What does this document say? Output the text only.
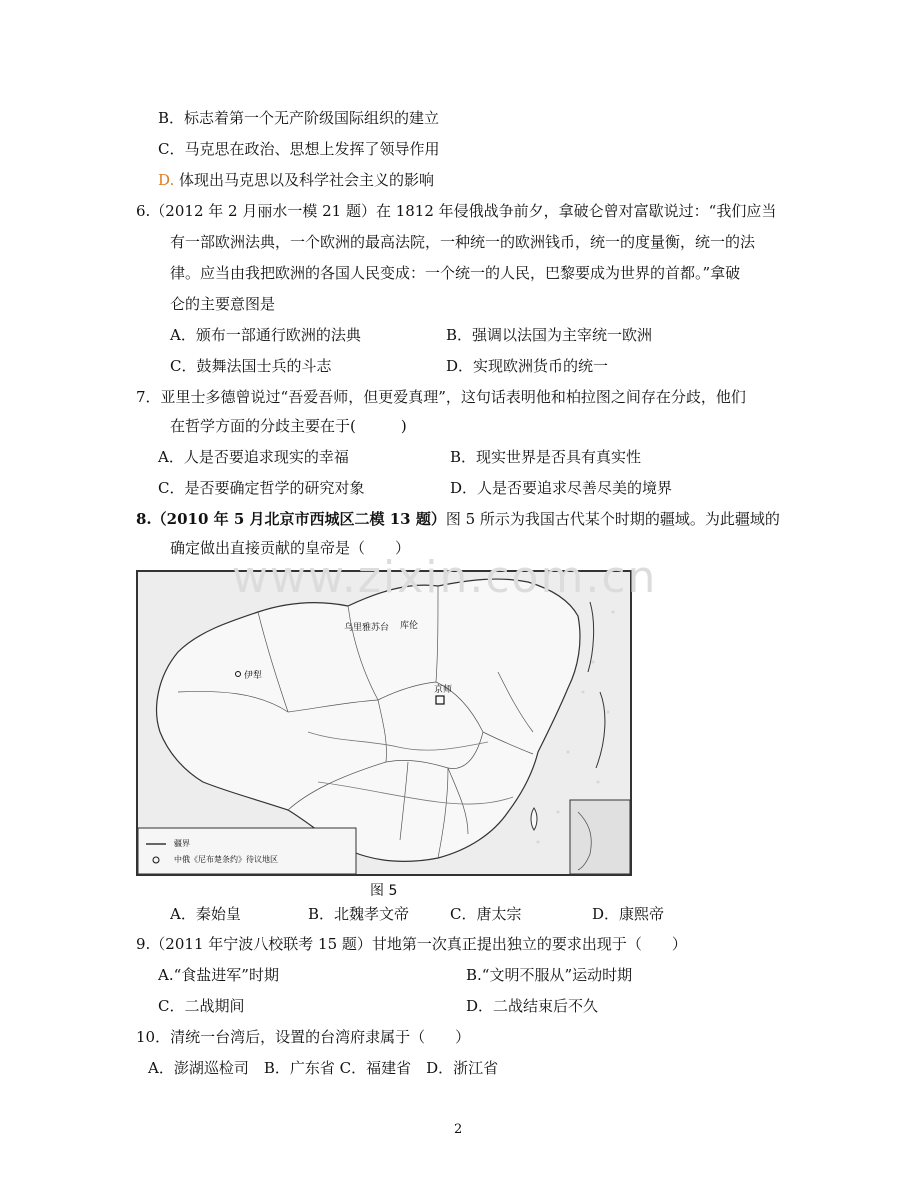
B．标志着第一个无产阶级国际组织的建立
C．马克思在政治、思想上发挥了领导作用
D. 体现出马克思以及科学社会主义的影响
6.（2012 年 2 月丽水一模 21 题）在 1812 年侵俄战争前夕，拿破仑曾对富歇说过：“我们应当
有一部欧洲法典，一个欧洲的最高法院，一种统一的欧洲钱币，统一的度量衡，统一的法
律。应当由我把欧洲的各国人民变成：一个统一的人民，巴黎要成为世界的首都。”拿破
仑的主要意图是
A．颁布一部通行欧洲的法典	B．强调以法国为主宰统一欧洲
C．鼓舞法国士兵的斗志	D．实现欧洲货币的统一
7．亚里士多德曾说过“吾爱吾师，但更爱真理”，这句话表明他和柏拉图之间存在分歧，他们
在哲学方面的分歧主要在于(　　　)
A．人是否要追求现实的幸福	B．现实世界是否具有真实性
C．是否要确定哲学的研究对象	D．人是否要追求尽善尽美的境界
8.（2010 年 5 月北京市西城区二模 13 题）图 5 所示为我国古代某个时期的疆域。为此疆域的
确定做出直接贡献的皇帝是（　　）
京师
乌里雅苏台 库伦
伊犁
疆界
中俄《尼布楚条约》待议地区
www.zixin.com.cn
图 5
A．秦始皇	B．北魏孝文帝	C．唐太宗	D．康熙帝
9.（2011 年宁波八校联考 15 题）甘地第一次真正提出独立的要求出现于（　　）
A.“食盐进军”时期	B.“文明不服从”运动时期
C．二战期间	D．二战结束后不久
10．清统一台湾后，设置的台湾府隶属于（　　）
A．澎湖巡检司　B．广东省 C．福建省　D．浙江省
2
